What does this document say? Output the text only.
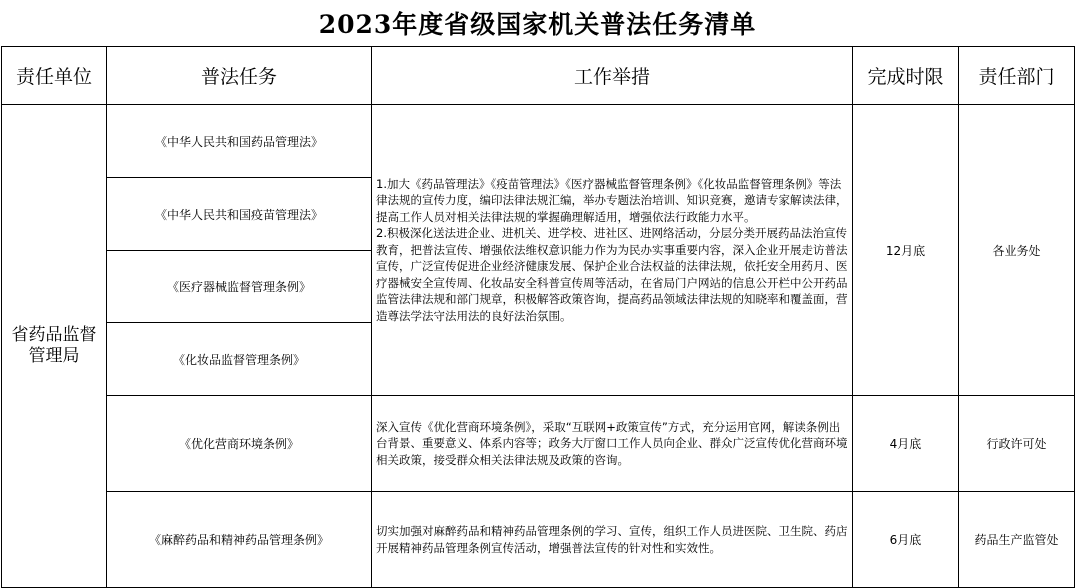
2023年度省级国家机关普法任务清单
责任单位	普法任务	工作举措	完成时限	责任部门
省药品监督管理局	《中华人民共和国药品管理法》	1.加大《药品管理法》《疫苗管理法》《医疗器械监督管理条例》《化妆品监督管理条例》等法律法规的宣传力度，编印法律法规汇编，举办专题法治培训、知识竞赛，邀请专家解读法律，提高工作人员对相关法律法规的掌握确理解适用，增强依法行政能力水平。

2.积极深化送法进企业、进机关、进学校、进社区、进网络活动，分层分类开展药品法治宣传教育，把普法宣传、增强依法维权意识能力作为为民办实事重要内容，深入企业开展走访普法宣传，广泛宣传促进企业经济健康发展、保护企业合法权益的法律法规，依托安全用药月、医疗器械安全宣传周、化妆品安全科普宣传周等活动，在省局门户网站的信息公开栏中公开药品监管法律法规和部门规章，积极解答政策咨询，提高药品领域法律法规的知晓率和覆盖面，营造尊法学法守法用法的良好法治氛围。	12月底	各业务处
	《中华人民共和国疫苗管理法》			
	《医疗器械监督管理条例》			
	《化妆品监督管理条例》			
	《优化营商环境条例》	深入宣传《优化营商环境条例》，采取“互联网+政策宣传”方式，充分运用官网，解读条例出台背景、重要意义、体系内容等；政务大厅窗口工作人员向企业、群众广泛宣传优化营商环境相关政策，接受群众相关法律法规及政策的咨询。	4月底	行政许可处
	《麻醉药品和精神药品管理条例》	切实加强对麻醉药品和精神药品管理条例的学习、宣传，组织工作人员进医院、卫生院、药店开展精神药品管理条例宣传活动，增强普法宣传的针对性和实效性。	6月底	药品生产监管处
